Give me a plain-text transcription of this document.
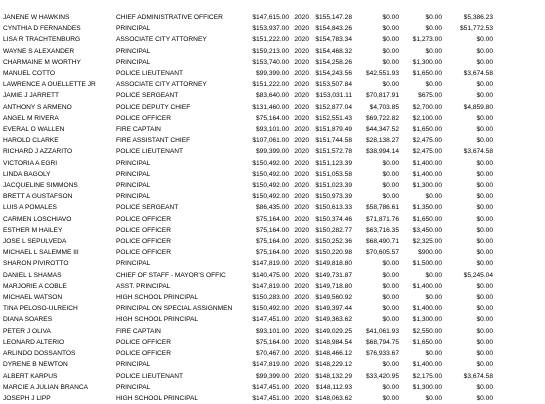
JANENE W HAWKINS	CHIEF ADMINISTRATIVE OFFICER	$147,615.00	2020	$155,147.28	$0.00	$0.00	$5,386.23
CYNTHIA D FERNANDES	PRINCIPAL	$153,937.00	2020	$154,843.26	$0.00	$0.00	$51,772.53
LISA R TRACHTENBURG	ASSOCIATE CITY ATTORNEY	$151,222.00	2020	$154,783.34	$0.00	$1,273.00	$0.00
WAYNE S ALEXANDER	PRINCIPAL	$159,213.00	2020	$154,468.32	$0.00	$0.00	$0.00
CHARMAINE M WORTHY	PRINCIPAL	$153,740.00	2020	$154,258.26	$0.00	$1,300.00	$0.00
MANUEL COTTO	POLICE LIEUTENANT	$99,399.00	2020	$154,243.56	$42,551.93	$1,650.00	$3,674.58
LAWRENCE A OUELLETTE JR	ASSOCIATE CITY ATTORNEY	$151,222.00	2020	$153,507.84	$0.00	$0.00	$0.00
JAMIE J JARRETT	POLICE SERGEANT	$83,640.00	2020	$153,031.11	$70,817.91	$675.00	$0.00
ANTHONY S ARMENO	POLICE DEPUTY CHIEF	$131,460.00	2020	$152,877.04	$4,703.85	$2,700.00	$4,859.80
ANGEL M RIVERA	POLICE OFFICER	$75,164.00	2020	$152,551.43	$69,722.82	$2,100.00	$0.00
EVERAL O WALLEN	FIRE CAPTAIN	$93,101.00	2020	$151,879.49	$44,347.52	$1,650.00	$0.00
HAROLD CLARKE	FIRE ASSISTANT CHIEF	$107,061.00	2020	$151,744.58	$28,138.27	$2,475.00	$0.00
RICHARD J AZZARITO	POLICE LIEUTENANT	$99,399.00	2020	$151,572.78	$38,994.14	$2,475.00	$3,674.58
VICTORIA A EGRI	PRINCIPAL	$150,492.00	2020	$151,123.39	$0.00	$1,400.00	$0.00
LINDA BAGOLY	PRINCIPAL	$150,492.00	2020	$151,053.58	$0.00	$1,400.00	$0.00
JACQUELINE SIMMONS	PRINCIPAL	$150,492.00	2020	$151,023.39	$0.00	$1,300.00	$0.00
BRETT A GUSTAFSON	PRINCIPAL	$150,492.00	2020	$150,973.39	$0.00	$0.00	$0.00
LUIS A POMALES	POLICE SERGEANT	$86,435.00	2020	$150,613.33	$58,786.61	$1,350.00	$0.00
CARMEN LOSCHIAVO	POLICE OFFICER	$75,164.00	2020	$150,374.46	$71,871.76	$1,650.00	$0.00
ESTHER M HAILEY	POLICE OFFICER	$75,164.00	2020	$150,282.77	$63,716.35	$3,450.00	$0.00
JOSE L SEPULVEDA	POLICE OFFICER	$75,164.00	2020	$150,252.36	$68,490.71	$2,325.00	$0.00
MICHAEL L SALEMME III	POLICE OFFICER	$75,164.00	2020	$150,220.98	$70,605.57	$900.00	$0.00
SHARON PIVIROTTO	PRINCIPAL	$147,819.00	2020	$149,818.80	$0.00	$1,500.00	$0.00
DANIEL L SHAMAS	CHIEF OF STAFF - MAYOR'S OFFIC	$140,475.00	2020	$149,731.87	$0.00	$0.00	$5,245.04
MARJORIE A COBLE	ASST. PRINCIPAL	$147,819.00	2020	$149,718.80	$0.00	$1,400.00	$0.00
MICHAEL WATSON	HIGH SCHOOL PRINCIPAL	$150,283.00	2020	$149,560.92	$0.00	$0.00	$0.00
TINA PELOSO-ULREICH	PRINCIPAL ON SPECIAL ASSIGNMEN	$150,492.00	2020	$149,397.44	$0.00	$1,400.00	$0.00
DIANA SOARES	HIGH SCHOOL PRINCIPAL	$147,451.00	2020	$149,363.62	$0.00	$1,300.00	$0.00
PETER J OLIVA	FIRE CAPTAIN	$93,101.00	2020	$149,029.25	$41,061.93	$2,550.00	$0.00
LEONARD ALTERIO	POLICE OFFICER	$75,164.00	2020	$148,984.54	$68,794.75	$1,650.00	$0.00
ARLINDO DOSSANTOS	POLICE OFFICER	$70,467.00	2020	$148,466.12	$76,933.67	$0.00	$0.00
DYRENE B NEWTON	PRINCIPAL	$147,819.00	2020	$148,229.12	$0.00	$1,400.00	$0.00
ALBERT KARPUS	POLICE LIEUTENANT	$99,399.00	2020	$148,132.29	$33,420.95	$2,175.00	$3,674.58
MARCIE A JULIAN BRANCA	PRINCIPAL	$147,451.00	2020	$148,112.93	$0.00	$1,300.00	$0.00
JOSEPH J LIPP	HIGH SCHOOL PRINCIPAL	$147,451.00	2020	$148,063.62	$0.00	$0.00	$0.00
